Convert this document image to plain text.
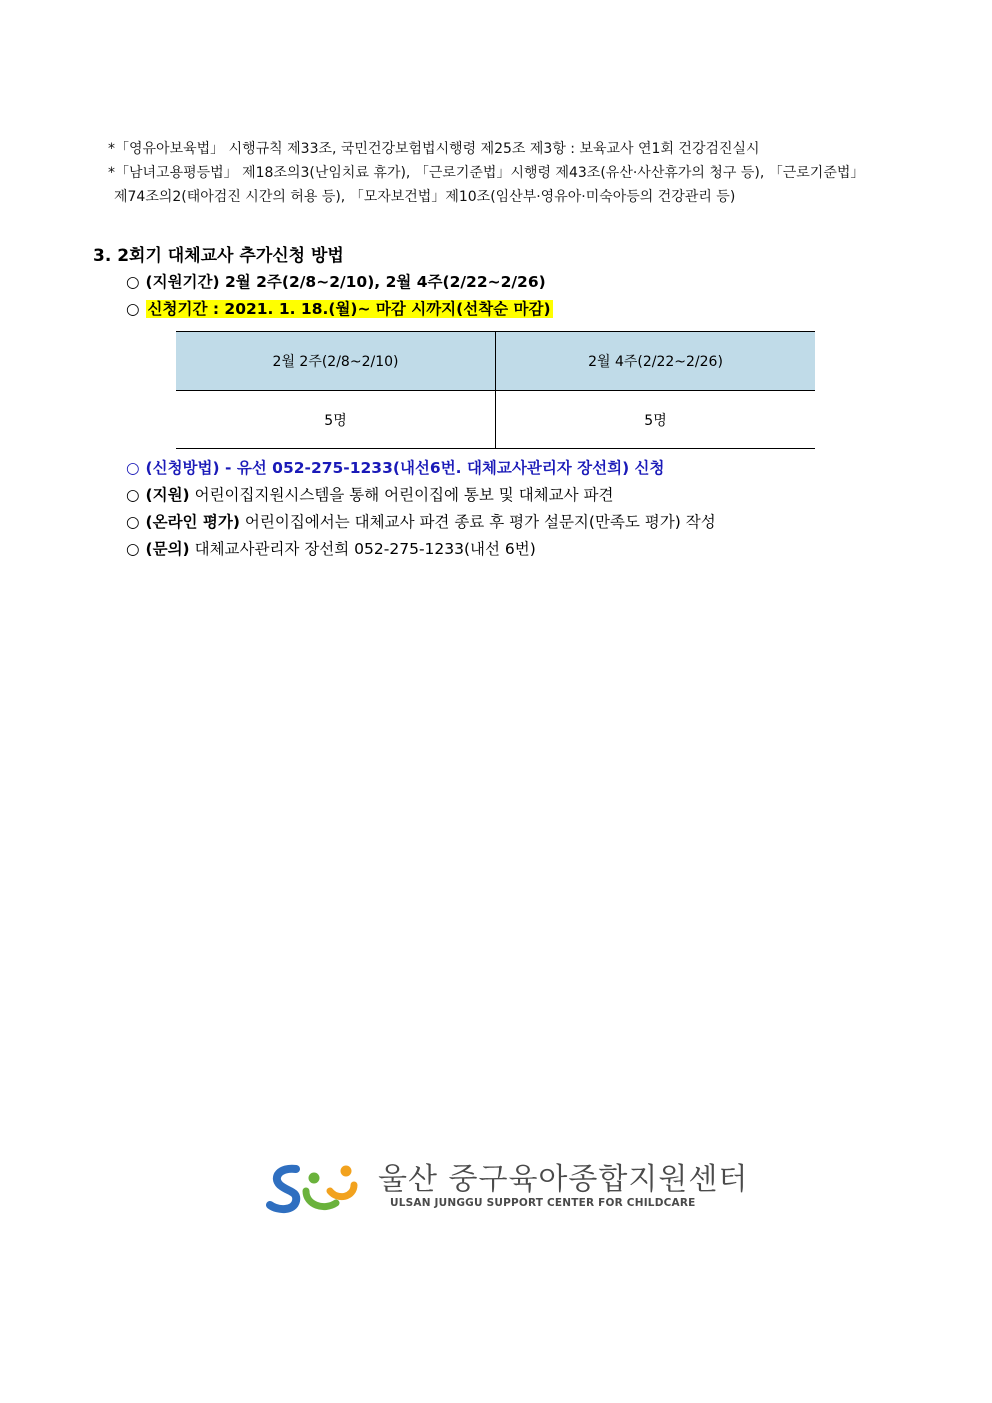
*「영유아보육법」 시행규칙 제33조, 국민건강보험법시행령 제25조 제3항 : 보육교사 연1회 건강검진실시
*「남녀고용평등법」 제18조의3(난임치료 휴가), 「근로기준법」시행령 제43조(유산·사산휴가의 청구 등), 「근로기준법」
제74조의2(태아검진 시간의 허용 등), 「모자보건법」제10조(임산부·영유아·미숙아등의 건강관리 등)
3. 2회기 대체교사 추가신청 방법
○ (지원기간) 2월 2주(2/8~2/10), 2월 4주(2/22~2/26)
○ 신청기간 : 2021. 1. 18.(월)~ 마감 시까지(선착순 마감)
2월 2주(2/8~2/10)	2월 4주(2/22~2/26)
5명	5명
○ (신청방법) - 유선 052-275-1233(내선6번. 대체교사관리자 장선희) 신청
○ (지원) 어린이집지원시스템을 통해 어린이집에 통보 및 대체교사 파견
○ (온라인 평가) 어린이집에서는 대체교사 파견 종료 후 평가 설문지(만족도 평가) 작성
○ (문의) 대체교사관리자 장선희 052-275-1233(내선 6번)
울산 중구육아종합지원센터
ULSAN JUNGGU SUPPORT CENTER FOR CHILDCARE
